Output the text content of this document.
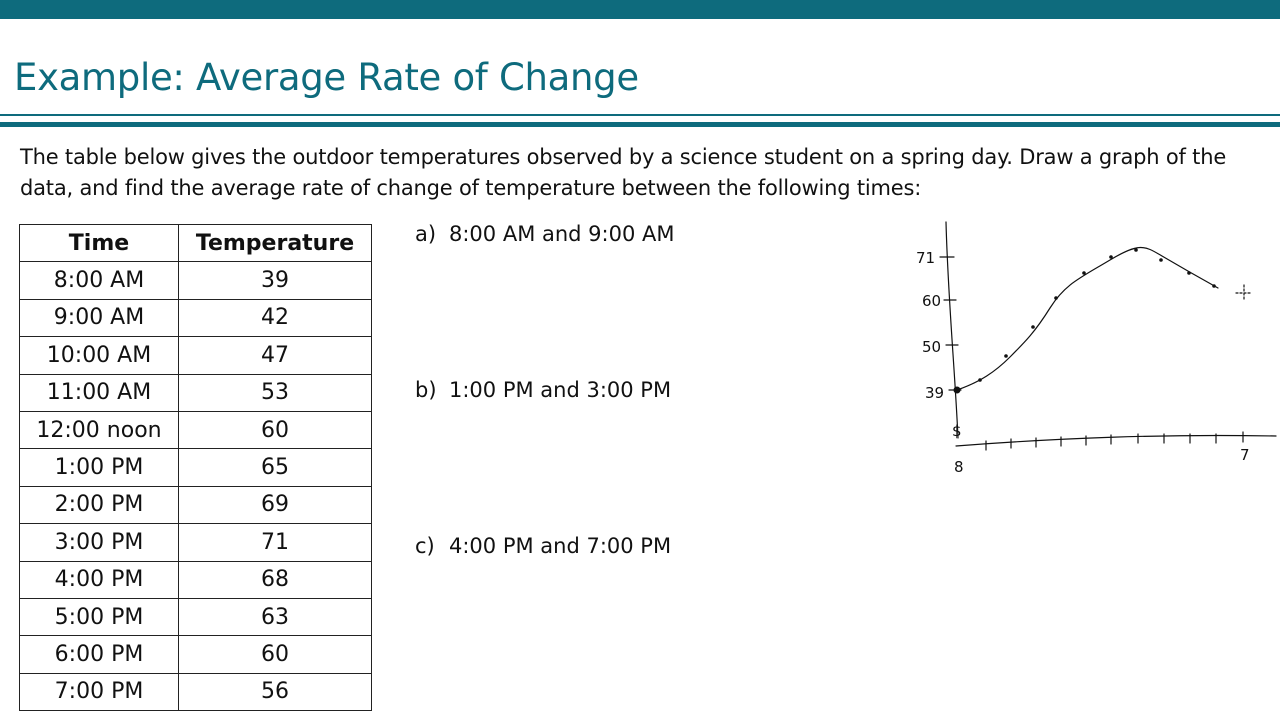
Example: Average Rate of Change

The table below gives the outdoor temperatures observed by a science student on a spring day. Draw a graph of the data, and find the average rate of change of temperature between the following times:

Time	Temperature
8:00 AM	39
9:00 AM	42
10:00 AM	47
11:00 AM	53
12:00 noon	60
1:00 PM	65
2:00 PM	69
3:00 PM	71
4:00 PM	68
5:00 PM	63
6:00 PM	60
7:00 PM	56
a) 8:00 AM and 9:00 AM
b) 1:00 PM and 3:00 PM
c) 4:00 PM and 7:00 PM
71
60
50
39
$
8
7
